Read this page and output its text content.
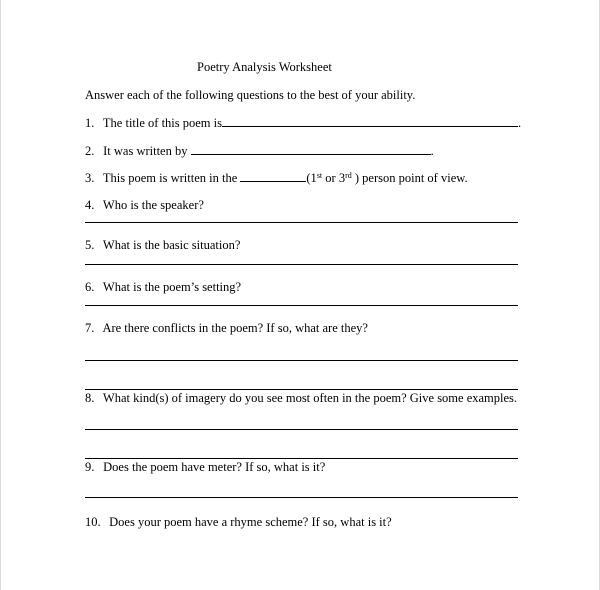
Poetry Analysis Worksheet
Answer each of the following questions to the best of your ability.
1. The title of this poem is	.
2. It was written by	.
3. This poem is written in the	(1st or 3rd ) person point of view.
4. Who is the speaker?
5. What is the basic situation?
6. What is the poem’s setting?
7. Are there conflicts in the poem? If so, what are they?
8. What kind(s) of imagery do you see most often in the poem? Give some examples.
9. Does the poem have meter? If so, what is it?
10. Does your poem have a rhyme scheme? If so, what is it?
